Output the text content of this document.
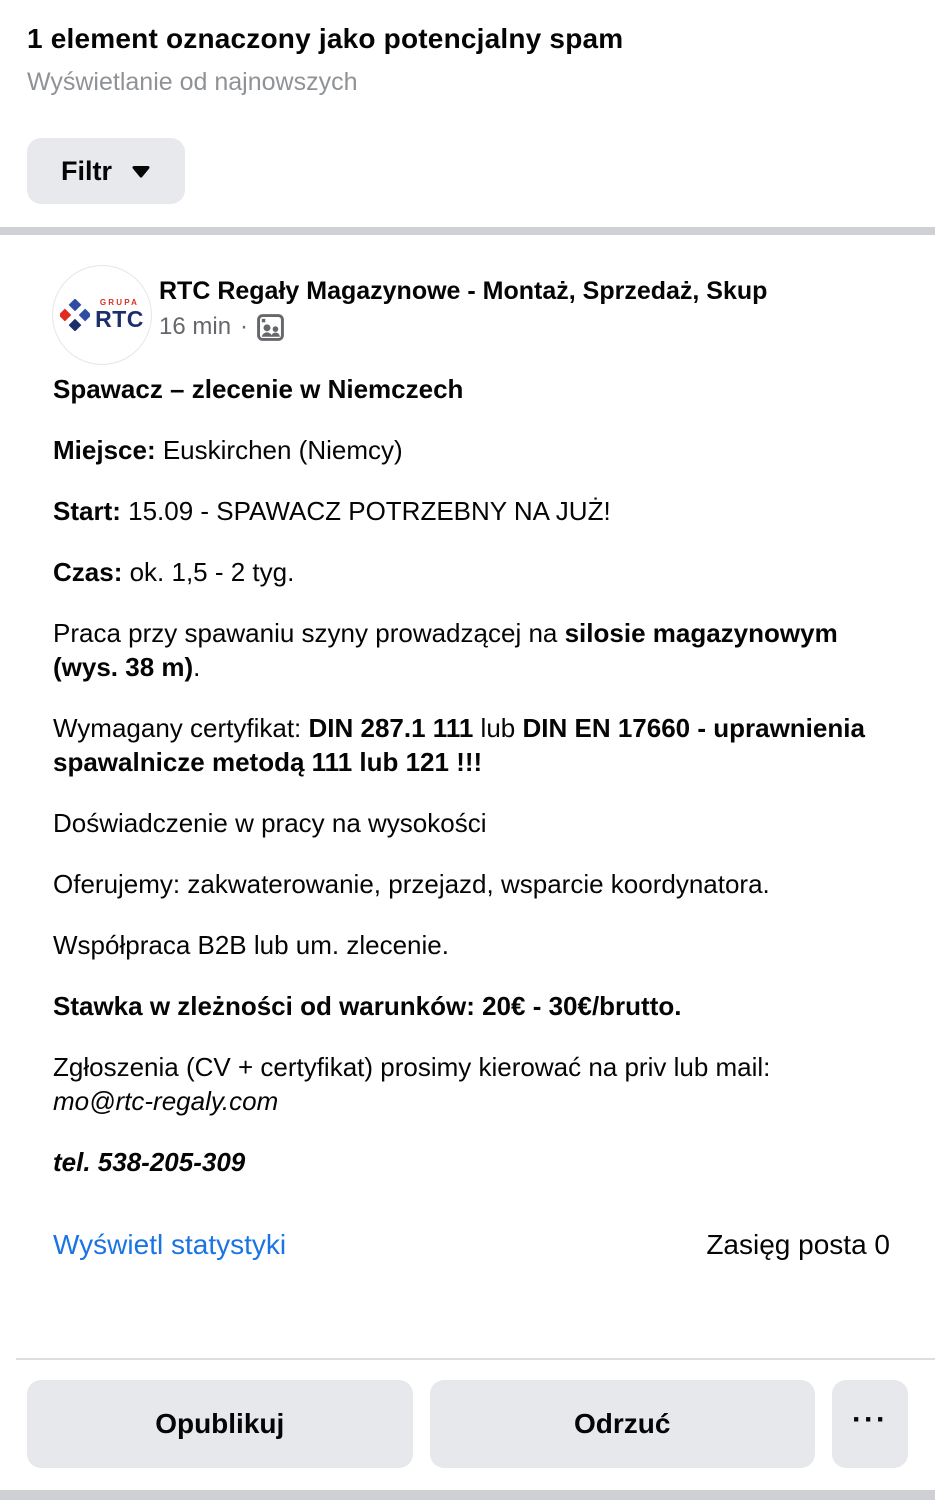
1 element oznaczony jako potencjalny spam
Wyświetlanie od najnowszych
Filtr
GRUPA
RTC
RTC Regały Magazynowe - Montaż, Sprzedaż, Skup
16 min ·

Spawacz – zlecenie w Niemczech

Miejsce: Euskirchen (Niemcy)

Start: 15.09 - SPAWACZ POTRZEBNY NA JUŻ!

Czas: ok. 1,5 - 2 tyg.

Praca przy spawaniu szyny prowadzącej na silosie magazynowym (wys. 38 m).

Wymagany certyfikat: DIN 287.1 111 lub DIN EN 17660 - uprawnienia spawalnicze metodą 111 lub 121 !!!

Doświadczenie w pracy na wysokości

Oferujemy: zakwaterowanie, przejazd, wsparcie koordynatora.

Współpraca B2B lub um. zlecenie.

Stawka w zleżności od warunków: 20€ - 30€/brutto.

Zgłoszenia (CV + certyfikat) prosimy kierować na priv lub mail:
mo@rtc-regaly.com

tel. 538-205-309

Wyświetl statystyki	Zasięg posta 0
Opublikuj	Odrzuć	···
